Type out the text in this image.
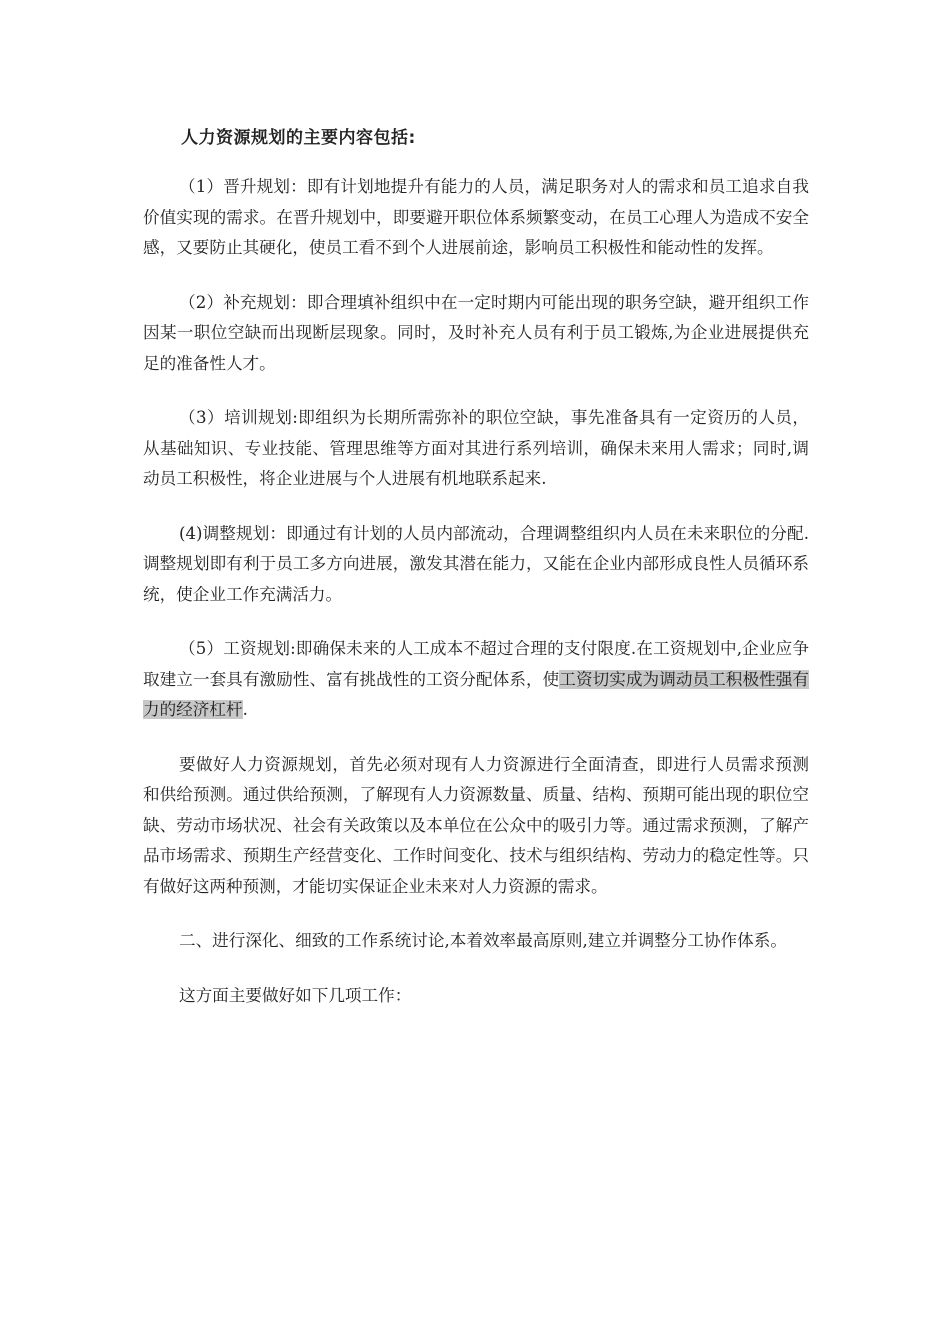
人力资源规划的主要内容包括:

（1）晋升规划：即有计划地提升有能力的人员，满足职务对人的需求和员工追求自我价值实现的需求。在晋升规划中，即要避开职位体系频繁变动，在员工心理人为造成不安全感，又要防止其硬化，使员工看不到个人进展前途，影响员工积极性和能动性的发挥。

（2）补充规划：即合理填补组织中在一定时期内可能出现的职务空缺，避开组织工作因某一职位空缺而出现断层现象。同时，及时补充人员有利于员工锻炼,为企业进展提供充足的准备性人才。

（3）培训规划:即组织为长期所需弥补的职位空缺，事先准备具有一定资历的人员，从基础知识、专业技能、管理思维等方面对其进行系列培训，确保未来用人需求；同时,调动员工积极性，将企业进展与个人进展有机地联系起来.

(4)调整规划：即通过有计划的人员内部流动，合理调整组织内人员在未来职位的分配.调整规划即有利于员工多方向进展，激发其潜在能力，又能在企业内部形成良性人员循环系统，使企业工作充满活力。

（5）工资规划:即确保未来的人工成本不超过合理的支付限度.在工资规划中,企业应争取建立一套具有激励性、富有挑战性的工资分配体系，使工资切实成为调动员工积极性强有力的经济杠杆.

要做好人力资源规划，首先必须对现有人力资源进行全面清查，即进行人员需求预测和供给预测。通过供给预测，了解现有人力资源数量、质量、结构、预期可能出现的职位空缺、劳动市场状况、社会有关政策以及本单位在公众中的吸引力等。通过需求预测，了解产品市场需求、预期生产经营变化、工作时间变化、技术与组织结构、劳动力的稳定性等。只有做好这两种预测，才能切实保证企业未来对人力资源的需求。

二、进行深化、细致的工作系统讨论,本着效率最高原则,建立并调整分工协作体系。

这方面主要做好如下几项工作：
